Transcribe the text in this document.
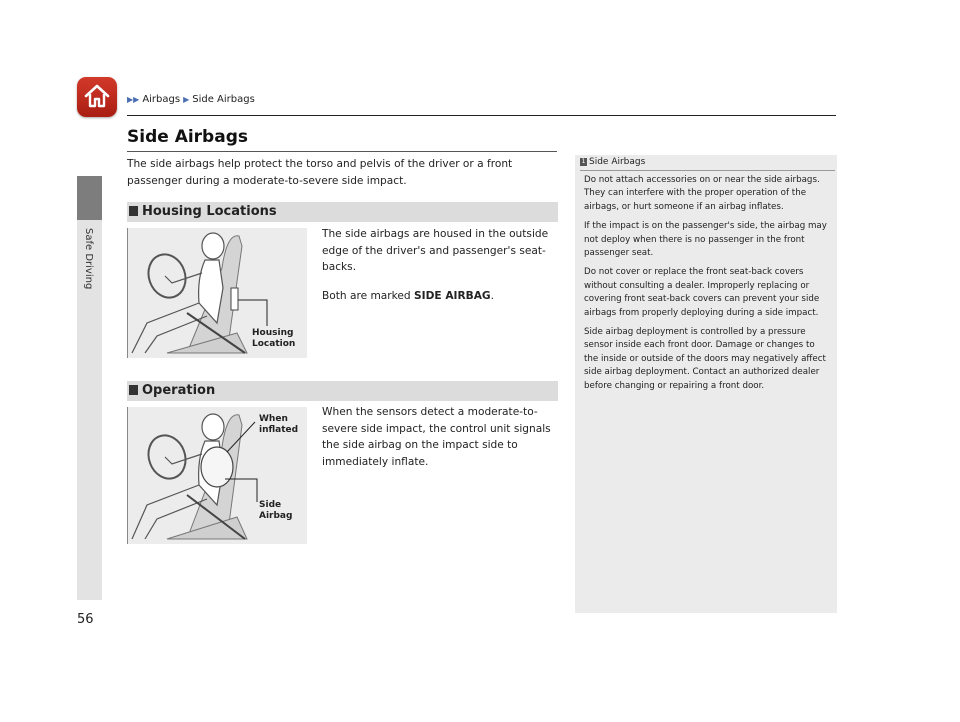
Safe Driving
▶▶ Airbags ▶ Side Airbags
Side Airbags

The side airbags help protect the torso and pelvis of the driver or a front passenger during a moderate-to-severe side impact.

Housing Locations
Housing
Location

The side airbags are housed in the outside edge of the driver's and passenger's seat-backs.

Both are marked SIDE AIRBAG.

Operation
When
inflated
Side
Airbag

When the sensors detect a moderate-to-severe side impact, the control unit signals the side airbag on the impact side to immediately inflate.

1 Side Airbags

Do not attach accessories on or near the side airbags. They can interfere with the proper operation of the airbags, or hurt someone if an airbag inflates.

If the impact is on the passenger's side, the airbag may not deploy when there is no passenger in the front passenger seat.

Do not cover or replace the front seat-back covers without consulting a dealer. Improperly replacing or covering front seat-back covers can prevent your side airbags from properly deploying during a side impact.

Side airbag deployment is controlled by a pressure sensor inside each front door. Damage or changes to the inside or outside of the doors may negatively affect side airbag deployment. Contact an authorized dealer before changing or repairing a front door.

56
